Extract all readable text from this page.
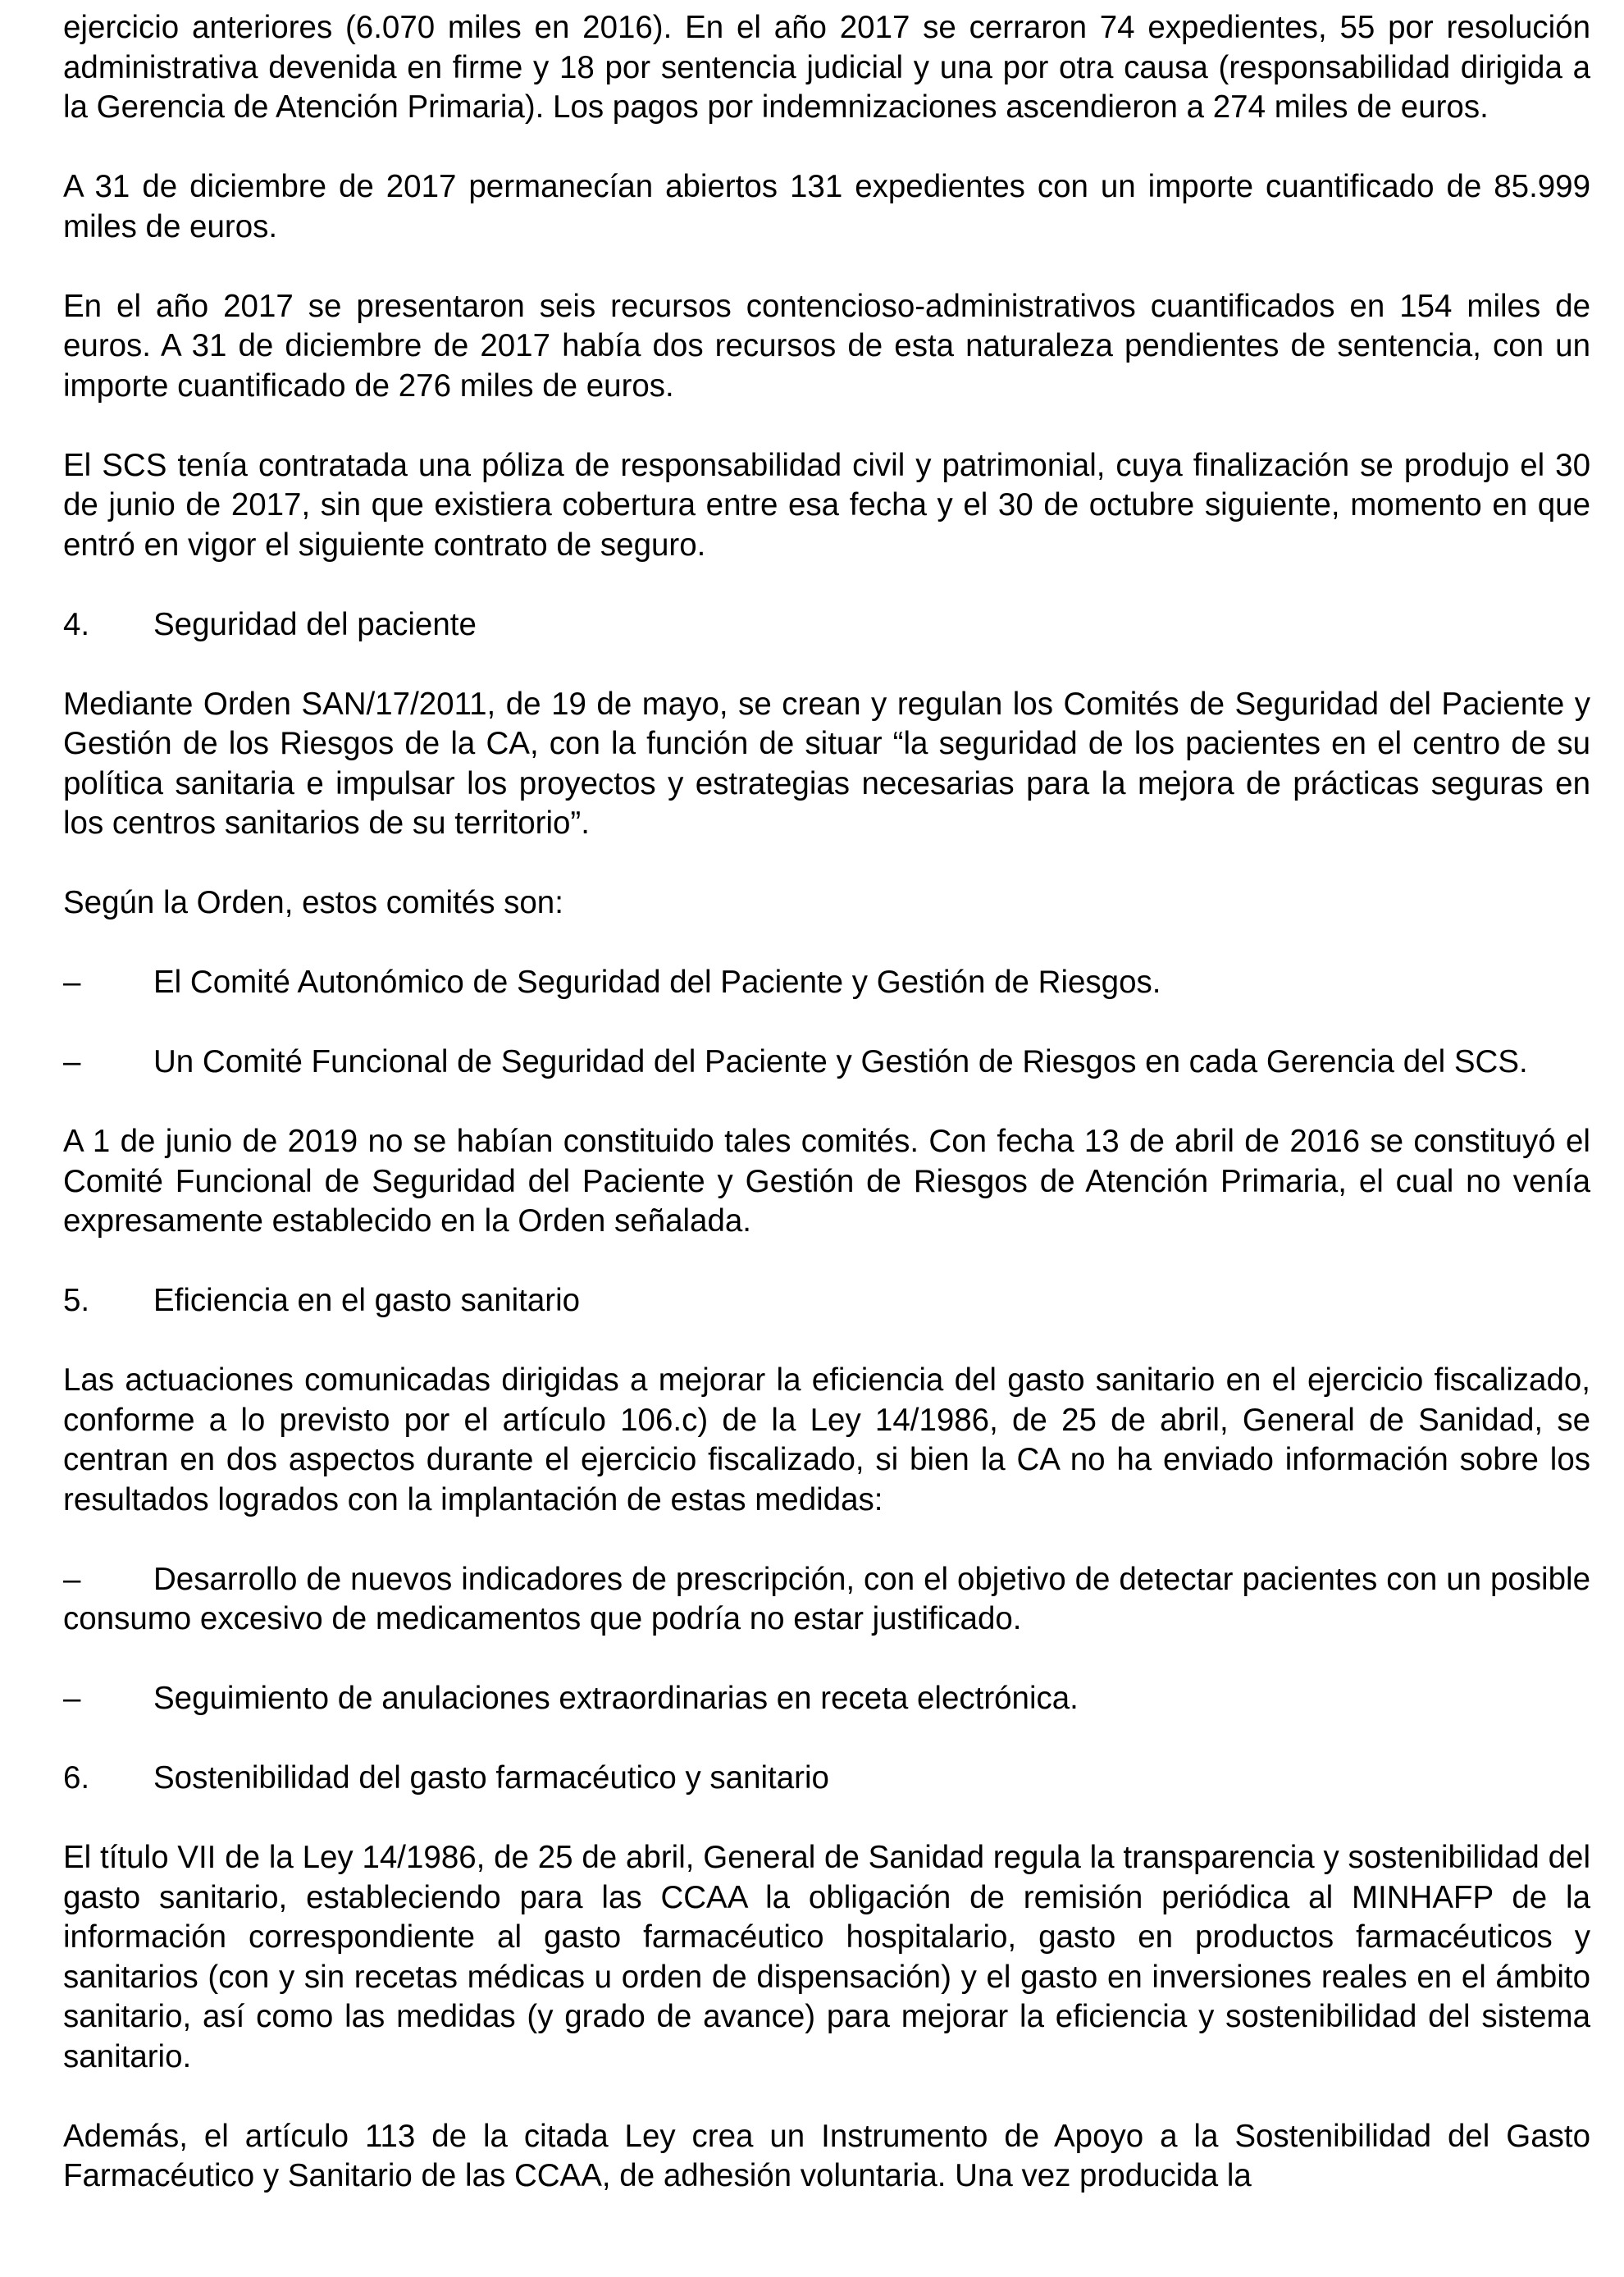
ejercicio anteriores (6.070 miles en 2016). En el año 2017 se cerraron 74 expedientes, 55 por resolución administrativa devenida en firme y 18 por sentencia judicial y una por otra causa (responsabilidad dirigida a la Gerencia de Atención Primaria). Los pagos por indemnizaciones ascendieron a 274 miles de euros.

A 31 de diciembre de 2017 permanecían abiertos 131 expedientes con un importe cuantificado de 85.999 miles de euros.

En el año 2017 se presentaron seis recursos contencioso-administrativos cuantificados en 154 miles de euros. A 31 de diciembre de 2017 había dos recursos de esta naturaleza pendientes de sentencia, con un importe cuantificado de 276 miles de euros.

El SCS tenía contratada una póliza de responsabilidad civil y patrimonial, cuya finalización se produjo el 30 de junio de 2017, sin que existiera cobertura entre esa fecha y el 30 de octubre siguiente, momento en que entró en vigor el siguiente contrato de seguro.

4.	Seguridad del paciente

Mediante Orden SAN/17/2011, de 19 de mayo, se crean y regulan los Comités de Seguridad del Paciente y Gestión de los Riesgos de la CA, con la función de situar “la seguridad de los pacientes en el centro de su política sanitaria e impulsar los proyectos y estrategias necesarias para la mejora de prácticas seguras en los centros sanitarios de su territorio”.

Según la Orden, estos comités son:

– El Comité Autonómico de Seguridad del Paciente y Gestión de Riesgos.
– Un Comité Funcional de Seguridad del Paciente y Gestión de Riesgos en cada Gerencia del SCS.

A 1 de junio de 2019 no se habían constituido tales comités. Con fecha 13 de abril de 2016 se constituyó el Comité Funcional de Seguridad del Paciente y Gestión de Riesgos de Atención Primaria, el cual no venía expresamente establecido en la Orden señalada.

5.	Eficiencia en el gasto sanitario

Las actuaciones comunicadas dirigidas a mejorar la eficiencia del gasto sanitario en el ejercicio fiscalizado, conforme a lo previsto por el artículo 106.c) de la Ley 14/1986, de 25 de abril, General de Sanidad, se centran en dos aspectos durante el ejercicio fiscalizado, si bien la CA no ha enviado información sobre los resultados logrados con la implantación de estas medidas:

– Desarrollo de nuevos indicadores de prescripción, con el objetivo de detectar pacientes con un posible consumo excesivo de medicamentos que podría no estar justificado.
– Seguimiento de anulaciones extraordinarias en receta electrónica.
6.	Sostenibilidad del gasto farmacéutico y sanitario

El título VII de la Ley 14/1986, de 25 de abril, General de Sanidad regula la transparencia y sostenibilidad del gasto sanitario, estableciendo para las CCAA la obligación de remisión periódica al MINHAFP de la información correspondiente al gasto farmacéutico hospitalario, gasto en productos farmacéuticos y sanitarios (con y sin recetas médicas u orden de dispensación) y el gasto en inversiones reales en el ámbito sanitario, así como las medidas (y grado de avance) para mejorar la eficiencia y sostenibilidad del sistema sanitario.

Además, el artículo 113 de la citada Ley crea un Instrumento de Apoyo a la Sostenibilidad del Gasto Farmacéutico y Sanitario de las CCAA, de adhesión voluntaria. Una vez producida la
